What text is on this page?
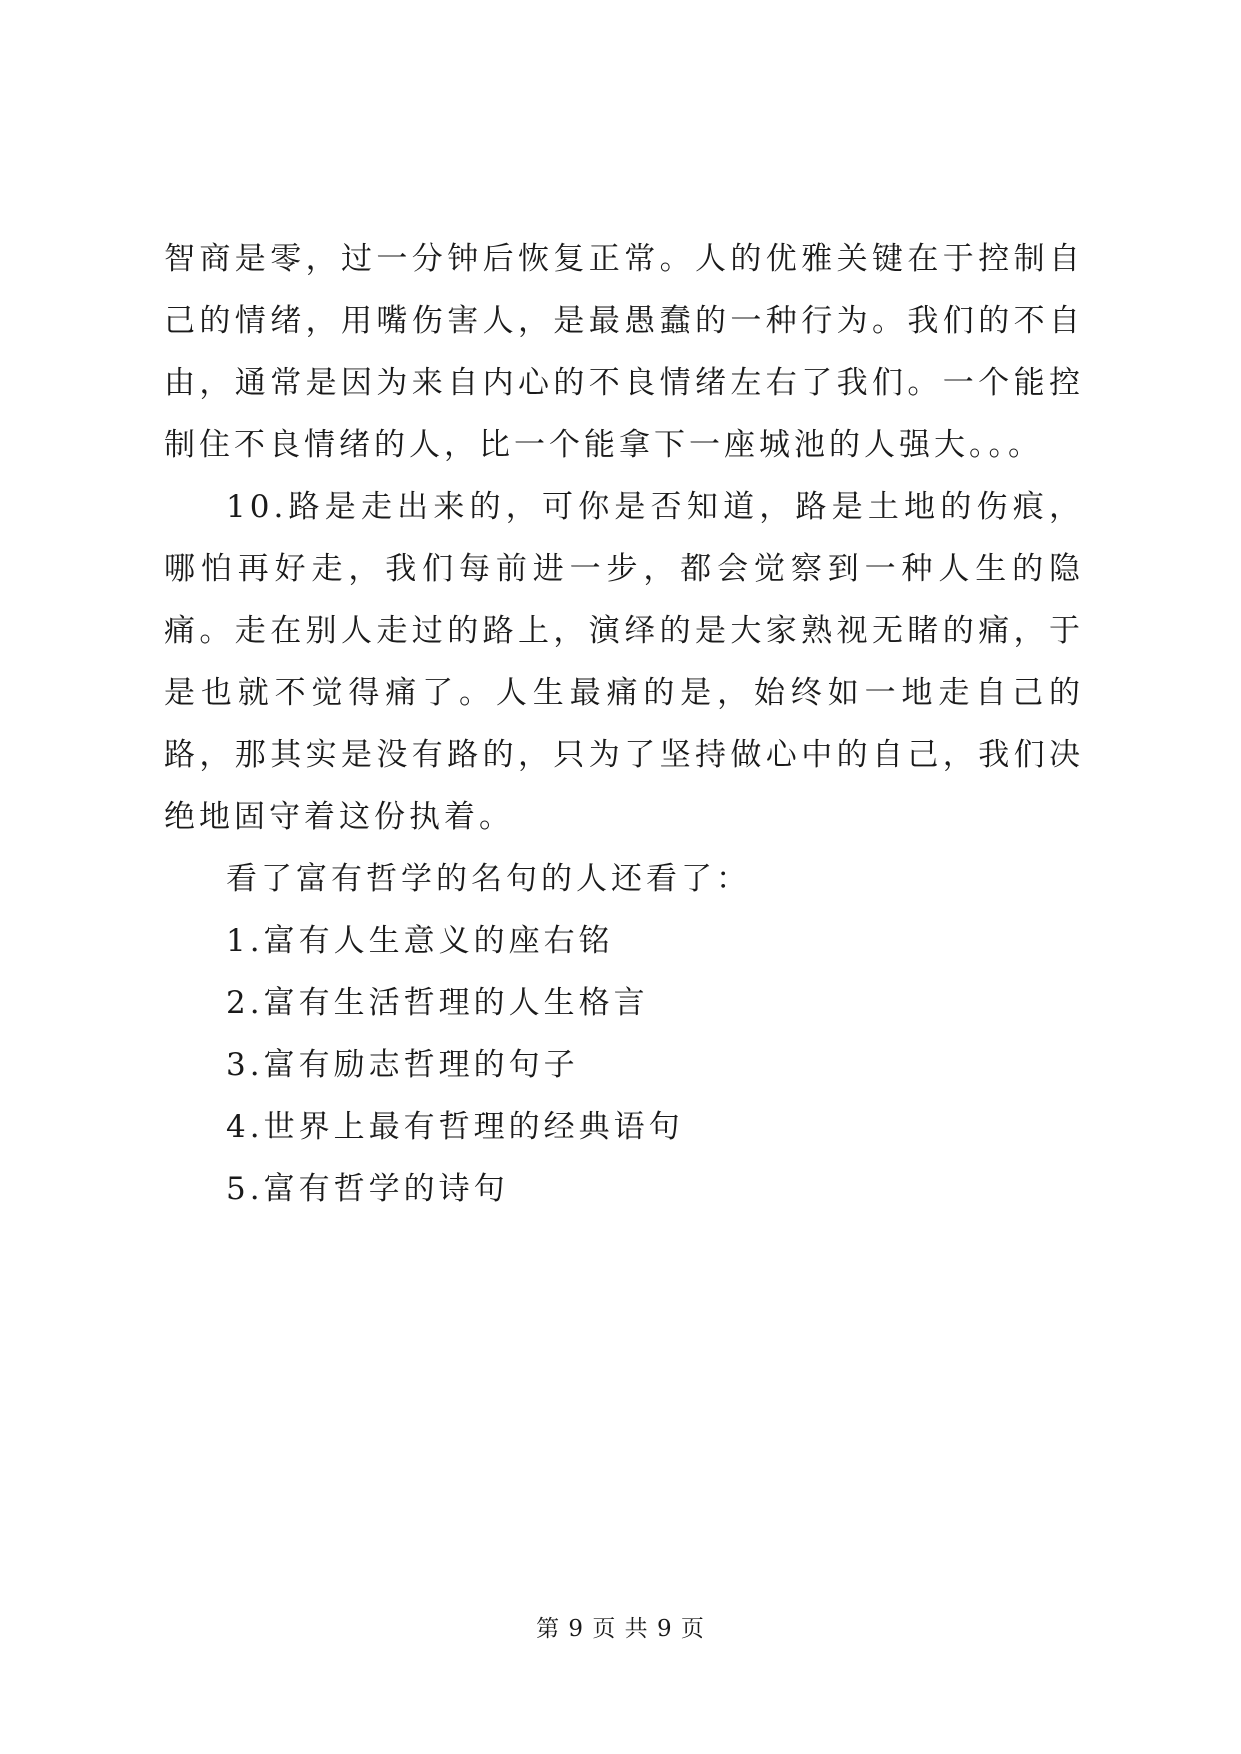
智商是零，过一分钟后恢复正常。人的优雅关键在于控制自己的情绪，用嘴伤害人，是最愚蠢的一种行为。我们的不自由，通常是因为来自内心的不良情绪左右了我们。一个能控制住不良情绪的人，比一个能拿下一座城池的人强大。。。

10.路是走出来的，可你是否知道，路是土地的伤痕，哪怕再好走，我们每前进一步，都会觉察到一种人生的隐痛。走在别人走过的路上，演绎的是大家熟视无睹的痛，于是也就不觉得痛了。人生最痛的是，始终如一地走自己的路，那其实是没有路的，只为了坚持做心中的自己，我们决绝地固守着这份执着。

看了富有哲学的名句的人还看了：

1.富有人生意义的座右铭

2.富有生活哲理的人生格言

3.富有励志哲理的句子

4.世界上最有哲理的经典语句

5.富有哲学的诗句

第 9 页 共 9 页
